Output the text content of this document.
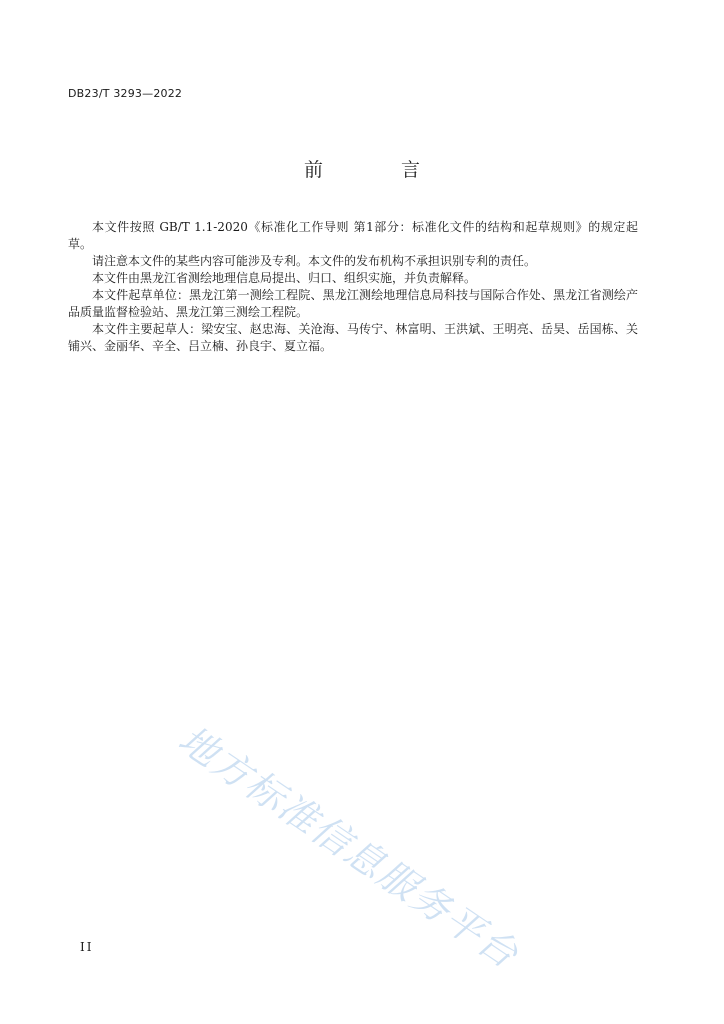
DB23/T 3293—2022
前 言

本文件按照 GB/T 1.1-2020《标准化工作导则 第1部分：标准化文件的结构和起草规则》的规定起草。

请注意本文件的某些内容可能涉及专利。本文件的发布机构不承担识别专利的责任。

本文件由黑龙江省测绘地理信息局提出、归口、组织实施，并负责解释。

本文件起草单位：黑龙江第一测绘工程院、黑龙江测绘地理信息局科技与国际合作处、黑龙江省测绘产品质量监督检验站、黑龙江第三测绘工程院。

本文件主要起草人：梁安宝、赵忠海、关沧海、马传宁、林富明、王洪斌、王明亮、岳昊、岳国栋、关铺兴、金丽华、辛全、吕立楠、孙良宇、夏立福。

地方标准信息服务平台
II
